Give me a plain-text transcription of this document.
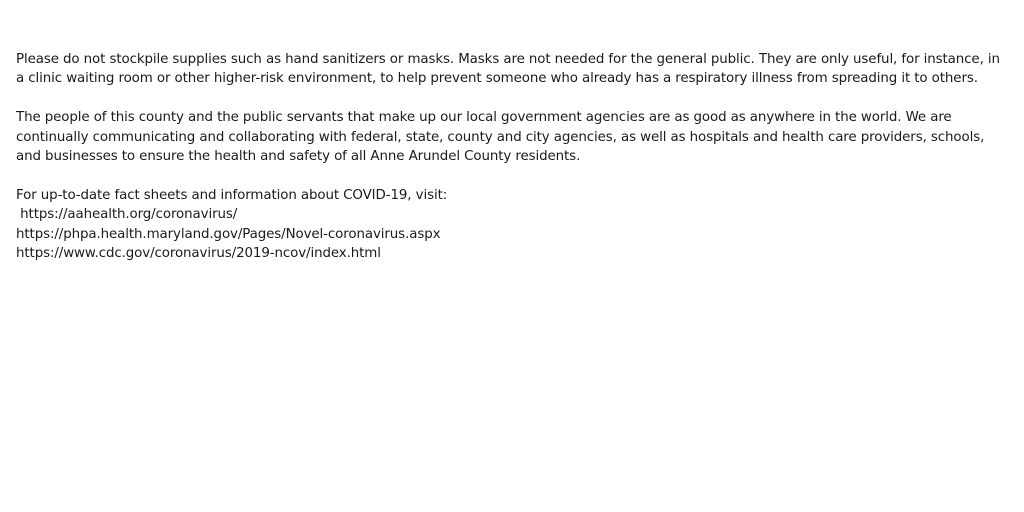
Please do not stockpile supplies such as hand sanitizers or masks. Masks are not needed for the general public. They are only useful, for instance, in a clinic waiting room or other higher-risk environment, to help prevent someone who already has a respiratory illness from spreading it to others.

The people of this county and the public servants that make up our local government agencies are as good as anywhere in the world. We are continually communicating and collaborating with federal, state, county and city agencies, as well as hospitals and health care providers, schools, and businesses to ensure the health and safety of all Anne Arundel County residents.

For up-to-date fact sheets and information about COVID-19, visit:

https://aahealth.org/coronavirus/
https://phpa.health.maryland.gov/Pages/Novel-coronavirus.aspx
https://www.cdc.gov/coronavirus/2019-ncov/index.html
